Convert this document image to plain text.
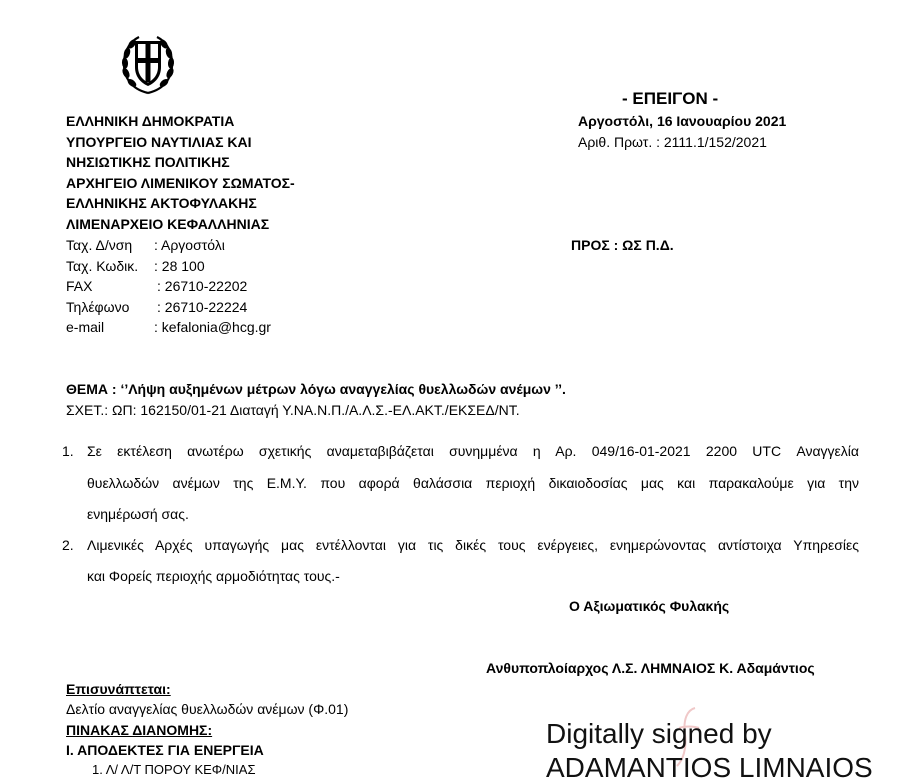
- ΕΠΕΙΓΟΝ -
ΕΛΛΗΝΙΚΗ ΔΗΜΟΚΡΑΤΙΑ
ΥΠΟΥΡΓΕΙΟ ΝΑΥΤΙΛΙΑΣ ΚΑΙ
ΝΗΣΙΩΤΙΚΗΣ ΠΟΛΙΤΙΚΗΣ
ΑΡΧΗΓΕΙΟ ΛΙΜΕΝΙΚΟΥ ΣΩΜΑΤΟΣ-
ΕΛΛΗΝΙΚΗΣ ΑΚΤΟΦΥΛΑΚΗΣ
ΛΙΜΕΝΑΡΧΕΙΟ ΚΕΦΑΛΛΗΝΙΑΣ
Ταχ. Δ/νση : Αργοστόλι
Ταχ. Κωδικ. : 28 100
FAX	: 26710-22202
Τηλέφωνο : 26710-22224
e-mail	: kefalonia@hcg.gr
Αργοστόλι, 16 Ιανουαρίου 2021
Αριθ. Πρωτ. : 2111.1/152/2021
ΠΡΟΣ : ΩΣ Π.Δ.
ΘΕΜΑ : ‘’Λήψη αυξημένων μέτρων λόγω αναγγελίας θυελλωδών ανέμων ’’.
ΣΧΕΤ.: ΩΠ: 162150/01-21 Διαταγή Υ.ΝΑ.Ν.Π./Α.Λ.Σ.-ΕΛ.ΑΚΤ./ΕΚΣΕΔ/ΝΤ.
1. Σε εκτέλεση ανωτέρω σχετικής αναμεταβιβάζεται συνημμένα η Αρ. 049/16-01-2021 2200 UTC Αναγγελία
θυελλωδών ανέμων της Ε.Μ.Υ. που αφορά θαλάσσια περιοχή δικαιοδοσίας μας και παρακαλούμε για την
ενημέρωσή σας.
2. Λιμενικές Αρχές υπαγωγής μας εντέλλονται για τις δικές τους ενέργειες, ενημερώνοντας αντίστοιχα Υπηρεσίες
και Φορείς περιοχής αρμοδιότητας τους.-
Ο Αξιωματικός Φυλακής
Ανθυποπλοίαρχος Λ.Σ. ΛΗΜΝΑΙΟΣ Κ. Αδαμάντιος
Επισυνάπτεται:
Δελτίο αναγγελίας θυελλωδών ανέμων (Φ.01)
ΠΙΝΑΚΑΣ ΔΙΑΝΟΜΗΣ:
Ι. ΑΠΟΔΕΚΤΕΣ ΓΙΑ ΕΝΕΡΓΕΙΑ
1. Λ/ Λ/Τ ΠΟΡΟΥ ΚΕΦ/ΝΙΑΣ
Digitally signed by
ADAMANTIOS LIMNAIOS
